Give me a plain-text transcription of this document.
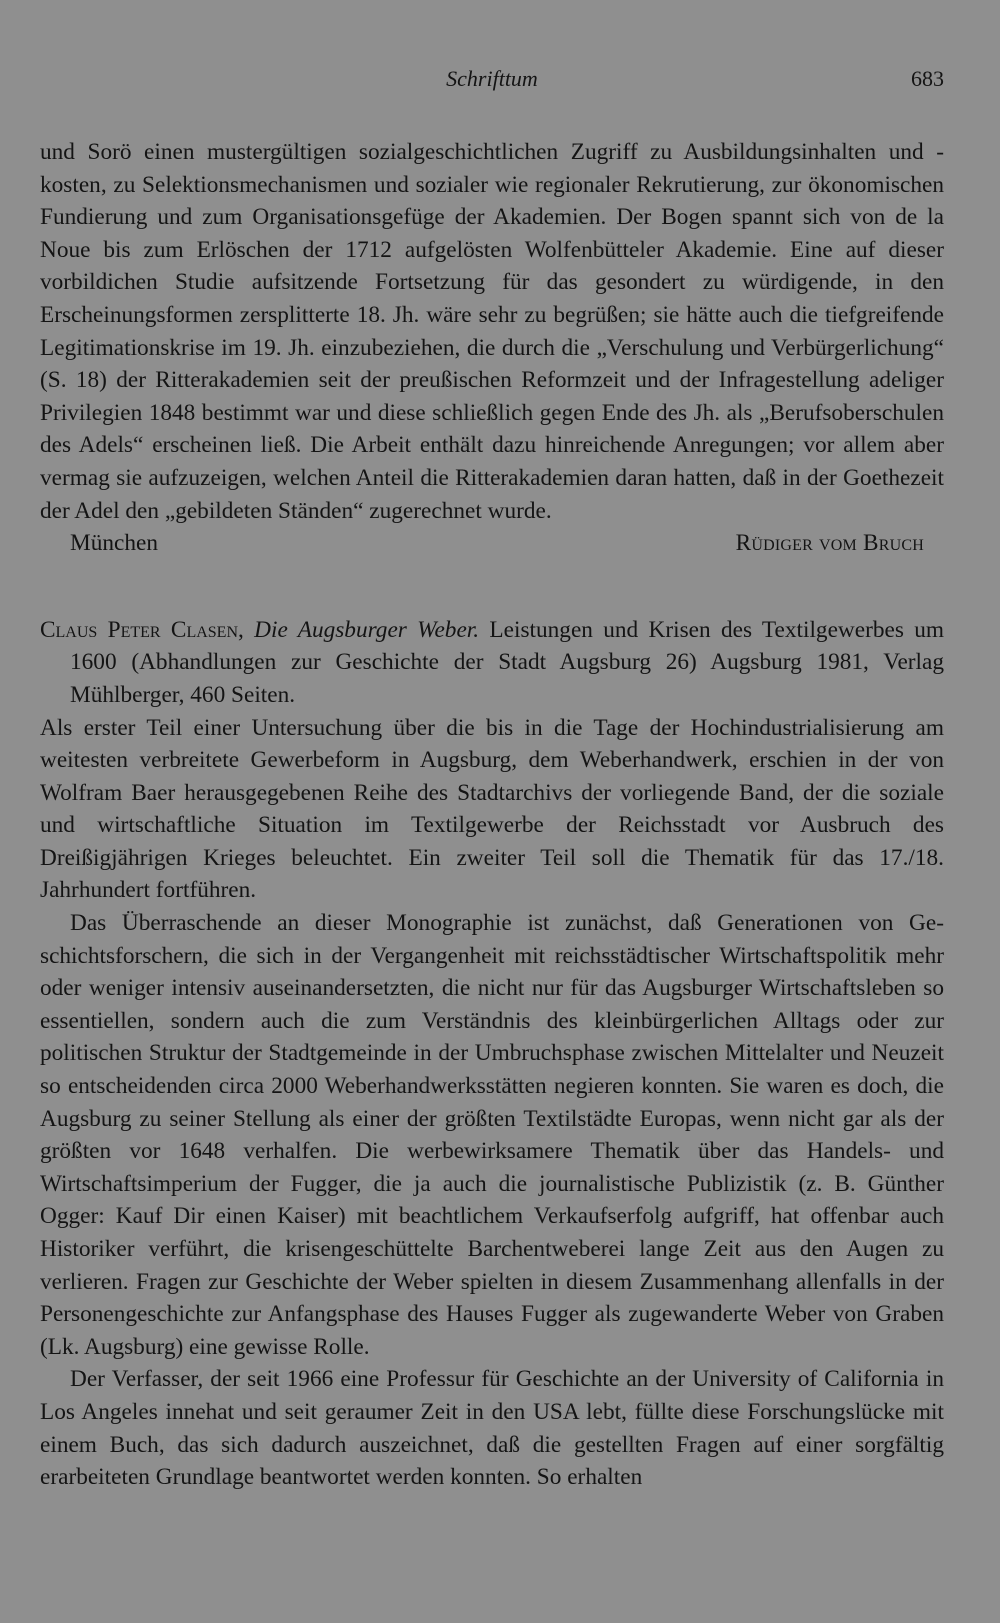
Schrifttum	683

und Sorö einen mustergültigen sozialgeschichtlichen Zugriff zu Ausbildungsinhalten und -kosten, zu Selektionsmechanismen und sozialer wie regionaler Rekrutierung, zur ökonomischen Fundierung und zum Organisationsgefüge der Akademien. Der Bogen spannt sich von de la Noue bis zum Erlöschen der 1712 aufgelösten Wolfenbütteler Akademie. Eine auf dieser vorbildichen Studie aufsitzende Fortsetzung für das gesondert zu würdigende, in den Erscheinungsformen zersplitterte 18. Jh. wäre sehr zu begrüßen; sie hätte auch die tiefgreifende Legitimationskrise im 19. Jh. einzubeziehen, die durch die „Verschulung und Verbürgerlichung“ (S. 18) der Ritterakademien seit der preußischen Reformzeit und der Infragestellung adeliger Privilegien 1848 bestimmt war und diese schließlich gegen Ende des Jh. als „Berufsoberschulen des Adels“ erscheinen ließ. Die Arbeit enthält dazu hinreichende Anregungen; vor allem aber vermag sie aufzuzeigen, welchen Anteil die Ritterakademien daran hatten, daß in der Goethezeit der Adel den „gebildeten Ständen“ zugerechnet wurde.

München	Rüdiger vom Bruch

Claus Peter Clasen, Die Augsburger Weber. Leistungen und Krisen des Textilgewerbes um 1600 (Abhandlungen zur Geschichte der Stadt Augsburg 26) Augsburg 1981, Verlag Mühlberger, 460 Seiten.

Als erster Teil einer Untersuchung über die bis in die Tage der Hochindustrialisierung am weitesten verbreitete Gewerbeform in Augsburg, dem Weberhandwerk, erschien in der von Wolfram Baer herausgegebenen Reihe des Stadtarchivs der vorliegende Band, der die soziale und wirtschaftliche Situation im Textilgewerbe der Reichsstadt vor Ausbruch des Dreißigjährigen Krieges beleuchtet. Ein zweiter Teil soll die Thematik für das 17./18. Jahrhundert fortführen.

Das Überraschende an dieser Monographie ist zunächst, daß Generationen von Geschichtsforschern, die sich in der Vergangenheit mit reichsstädtischer Wirtschaftspolitik mehr oder weniger intensiv auseinandersetzten, die nicht nur für das Augsburger Wirtschaftsleben so essentiellen, sondern auch die zum Verständnis des kleinbürgerlichen Alltags oder zur politischen Struktur der Stadtgemeinde in der Umbruchsphase zwischen Mittelalter und Neuzeit so entscheidenden circa 2000 Weberhandwerksstätten negieren konnten. Sie waren es doch, die Augsburg zu seiner Stellung als einer der größten Textilstädte Europas, wenn nicht gar als der größten vor 1648 verhalfen. Die werbewirksamere Thematik über das Handels- und Wirtschaftsimperium der Fugger, die ja auch die journalistische Publizistik (z. B. Günther Ogger: Kauf Dir einen Kaiser) mit beachtlichem Verkaufserfolg aufgriff, hat offenbar auch Historiker verführt, die krisengeschüttelte Barchentweberei lange Zeit aus den Augen zu verlieren. Fragen zur Geschichte der Weber spielten in diesem Zusammenhang allenfalls in der Personengeschichte zur Anfangsphase des Hauses Fugger als zugewanderte Weber von Graben (Lk. Augsburg) eine gewisse Rolle.

Der Verfasser, der seit 1966 eine Professur für Geschichte an der University of California in Los Angeles innehat und seit geraumer Zeit in den USA lebt, füllte diese Forschungslücke mit einem Buch, das sich dadurch auszeichnet, daß die gestellten Fragen auf einer sorgfältig erarbeiteten Grundlage beantwortet werden konnten. So erhalten
